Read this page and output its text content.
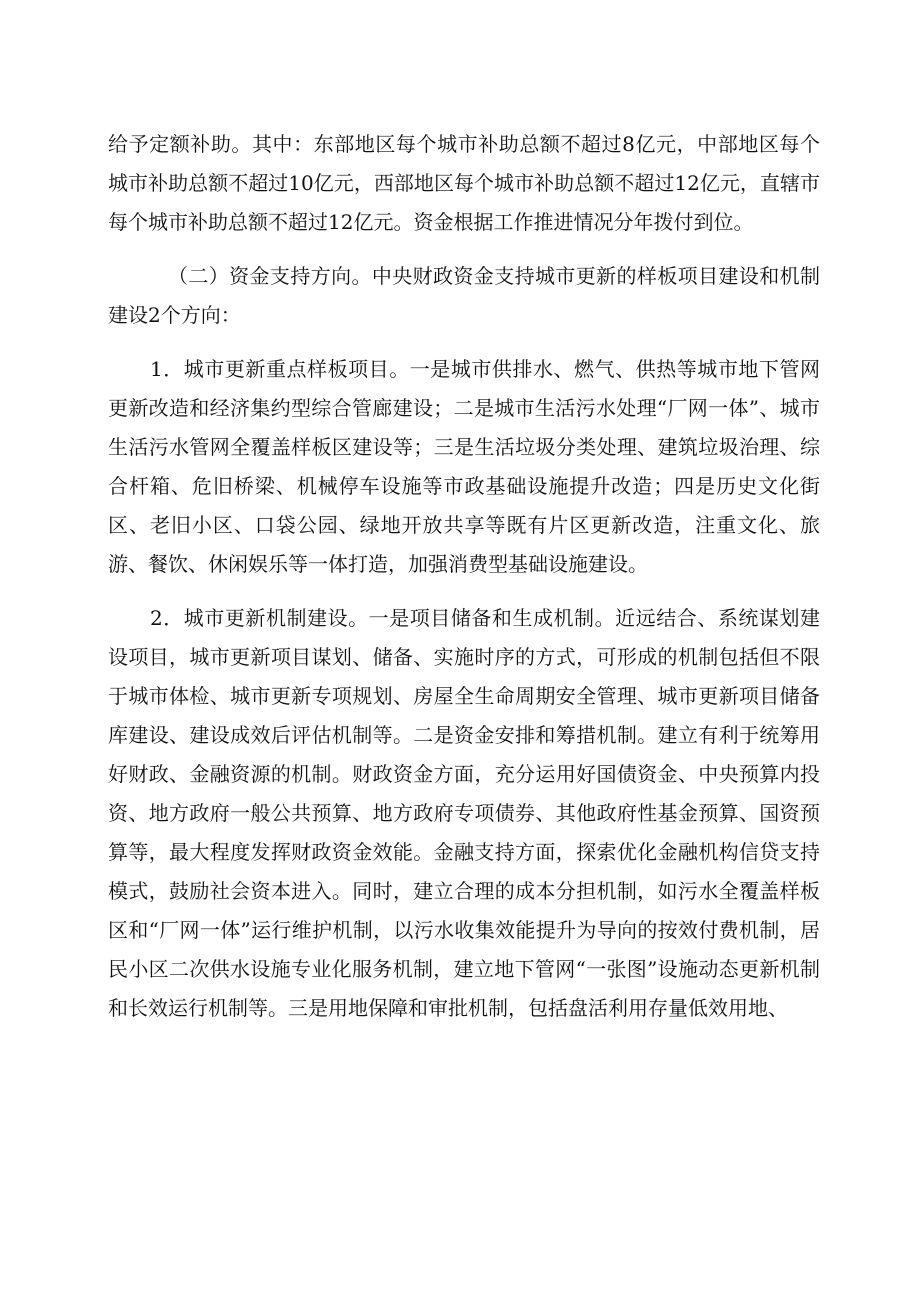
给予定额补助。其中：东部地区每个城市补助总额不超过8亿元，中部地区每个城市补助总额不超过10亿元，西部地区每个城市补助总额不超过12亿元，直辖市每个城市补助总额不超过12亿元。资金根据工作推进情况分年拨付到位。

（二）资金支持方向。中央财政资金支持城市更新的样板项目建设和机制建设2个方向：

1．城市更新重点样板项目。一是城市供排水、燃气、供热等城市地下管网更新改造和经济集约型综合管廊建设；二是城市生活污水处理“厂网一体”、城市生活污水管网全覆盖样板区建设等；三是生活垃圾分类处理、建筑垃圾治理、综合杆箱、危旧桥梁、机械停车设施等市政基础设施提升改造；四是历史文化街区、老旧小区、口袋公园、绿地开放共享等既有片区更新改造，注重文化、旅游、餐饮、休闲娱乐等一体打造，加强消费型基础设施建设。

2．城市更新机制建设。一是项目储备和生成机制。近远结合、系统谋划建设项目，城市更新项目谋划、储备、实施时序的方式，可形成的机制包括但不限于城市体检、城市更新专项规划、房屋全生命周期安全管理、城市更新项目储备库建设、建设成效后评估机制等。二是资金安排和筹措机制。建立有利于统筹用好财政、金融资源的机制。财政资金方面，充分运用好国债资金、中央预算内投资、地方政府一般公共预算、地方政府专项债券、其他政府性基金预算、国资预算等，最大程度发挥财政资金效能。金融支持方面，探索优化金融机构信贷支持模式，鼓励社会资本进入。同时，建立合理的成本分担机制，如污水全覆盖样板区和“厂网一体”运行维护机制，以污水收集效能提升为导向的按效付费机制，居民小区二次供水设施专业化服务机制，建立地下管网“一张图”设施动态更新机制和长效运行机制等。三是用地保障和审批机制，包括盘活利用存量低效用地、
